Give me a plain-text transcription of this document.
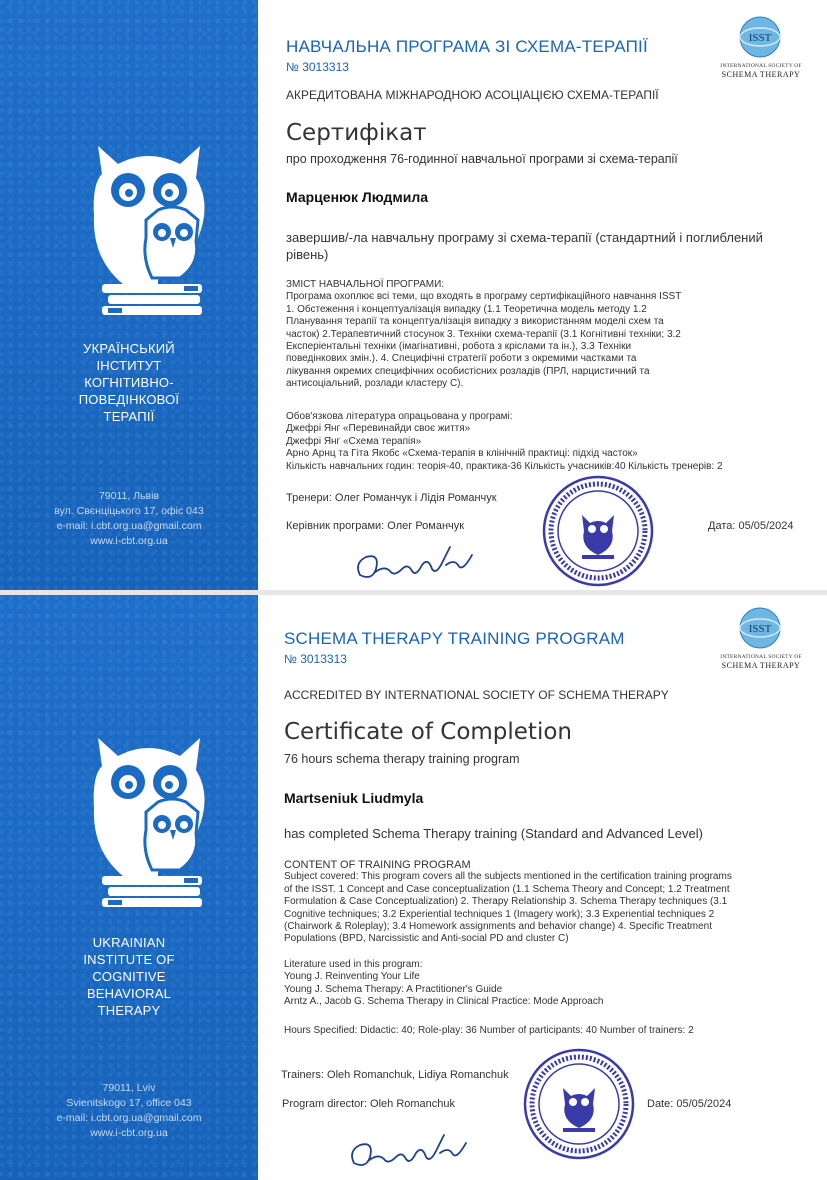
УКРАЇНСЬКИЙ
ІНСТИТУТ
КОГНІТИВНО-
ПОВЕДІНКОВОЇ
ТЕРАПІЇ
79011, Львів
вул. Свєнціцького 17, офіс 043
e-mail: i.cbt.org.ua@gmail.com
www.i-cbt.org.ua
НАВЧАЛЬНА ПРОГРАМА ЗІ СХЕМА-ТЕРАПІЇ
№ 3013313
АКРЕДИТОВАНА МІЖНАРОДНОЮ АСОЦІАЦІЄЮ СХЕМА-ТЕРАПІЇ
Сертифікат
про проходження 76-годинної навчальної програми зі схема-терапії
Марценюк Людмила
завершив/-ла навчальну програму зі схема-терапії (стандартний і поглиблений рівень)
ЗМІСТ НАВЧАЛЬНОЇ ПРОГРАМИ:
Програма охоплює всі теми, що входять в програму сертифікаційного навчання ISST
1. Обстеження і концептуалізація випадку (1.1 Теоретична модель методу 1.2
Планування терапії та концептуалізація випадку з використанням моделі схем та
часток) 2.Терапевтичний стосунок 3. Техніки схема-терапії (3.1 Когнітивні техніки; 3.2
Експеріентальні техніки (імагінативні, робота з кріслами та ін.), 3.3 Техніки
поведінкових змін.). 4. Специфічні стратегії роботи з окремими частками та
лікування окремих специфічних особистісних розладів (ПРЛ, нарцистичний та
антисоціальний, розлади кластеру С).
Обов'язкова література опрацьована у програмі:
Джефрі Янг «Перевинайди своє життя»
Джефрі Янг «Схема терапія»
Арно Арнц та Гіта Якобс «Схема-терапія в клінічній практиці: підхід часток»
Кількість навчальних годин: теорія-40, практика-36 Кількість учасників:40 Кількість тренерів: 2
Тренери: Олег Романчук і Лідія Романчук
Керівник програми: Олег Романчук	Дата: 05/05/2024
ISST
INTERNATIONAL SOCIETY OF
SCHEMA THERAPY
UKRAINIAN
INSTITUTE OF
COGNITIVE
BEHAVIORAL
THERAPY
79011, Lviv
Svienitskogo 17, office 043
e-mail: i.cbt.org.ua@gmail.com
www.i-cbt.org.ua
SCHEMA THERAPY TRAINING PROGRAM
№ 3013313
ACCREDITED BY INTERNATIONAL SOCIETY OF SCHEMA THERAPY
Certificate of Completion
76 hours schema therapy training program
Martseniuk Liudmyla
has completed Schema Therapy training (Standard and Advanced Level)
CONTENT OF TRAINING PROGRAM
Subject covered: This program covers all the subjects mentioned in the certification training programs
of the ISST. 1 Concept and Case conceptualization (1.1 Schema Theory and Concept; 1.2 Treatment
Formulation & Case Conceptualization) 2. Therapy Relationship 3. Schema Therapy techniques (3.1
Cognitive techniques; 3.2 Experiential techniques 1 (Imagery work); 3.3 Experiential techniques 2
(Chairwork & Roleplay); 3.4 Homework assignments and behavior change) 4. Specific Treatment
Populations (BPD, Narcissistic and Anti-social PD and cluster C)
Literature used in this program:
Young J. Reinventing Your Life
Young J. Schema Therapy: A Practitioner's Guide
Arntz A., Jacob G. Schema Therapy in Clinical Practice: Mode Approach
Hours Specified: Didactic: 40; Role-play: 36 Number of participants: 40 Number of trainers: 2
Trainers: Oleh Romanchuk, Lidiya Romanchuk
Program director: Oleh Romanchuk	Date: 05/05/2024
ISST
INTERNATIONAL SOCIETY OF
SCHEMA THERAPY
